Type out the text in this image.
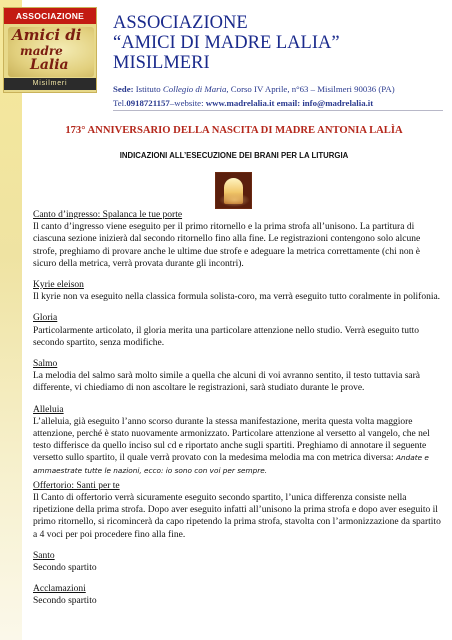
ASSOCIAZIONE
Amici di
madre
Lalia
Misilmeri
ASSOCIAZIONE
“AMICI DI MADRE LALIA”
MISILMERI
Sede: Istituto Collegio di Maria, Corso IV Aprile, n°63 – Misilmeri 90036 (PA)
Tel.0918721157–website: www.madrelalia.it email: info@madrelalia.it
173° ANNIVERSARIO DELLA NASCITA DI MADRE ANTONIA LALÌA
INDICAZIONI ALL’ESECUZIONE DEI BRANI PER LA LITURGIA
Canto d’ingresso: Spalanca le tue porte
Il canto d’ingresso viene eseguito per il primo ritornello e la prima strofa all’unisono. La partitura di ciascuna sezione inizierà dal secondo ritornello fino alla fine. Le registrazioni contengono solo alcune strofe, preghiamo di provare anche le ultime due strofe e adeguare la metrica correttamente (chi non è sicuro della metrica, verrà provata durante gli incontri).
Kyrie eleison
Il kyrie non va eseguito nella classica formula solista-coro, ma verrà eseguito tutto coralmente in polifonia.
Gloria
Particolarmente articolato, il gloria merita una particolare attenzione nello studio. Verrà eseguito tutto secondo spartito, senza modifiche.
Salmo
La melodia del salmo sarà molto simile a quella che alcuni di voi avranno sentito, il testo tuttavia sarà differente, vi chiediamo di non ascoltare le registrazioni, sarà studiato durante le prove.
Alleluia
L’alleluia, già eseguito l’anno scorso durante la stessa manifestazione, merita questa volta maggiore attenzione, perché è stato nuovamente armonizzato. Particolare attenzione al versetto al vangelo, che nel testo differisce da quello inciso sul cd e riportato anche sugli spartiti. Preghiamo di annotare il seguente versetto sullo spartito, il quale verrà provato con la medesima melodia ma con metrica diversa: Andate e ammaestrate tutte le nazioni, ecco: io sono con voi per sempre.
Offertorio: Santi per te
Il Canto di offertorio verrà sicuramente eseguito secondo spartito, l’unica differenza consiste nella ripetizione della prima strofa. Dopo aver eseguito infatti all’unisono la prima strofa e dopo aver eseguito il primo ritornello, si ricomincerà da capo ripetendo la prima strofa, stavolta con l’armonizzazione da spartito a 4 voci per poi procedere fino alla fine.
Santo
Secondo spartito
Acclamazioni
Secondo spartito
